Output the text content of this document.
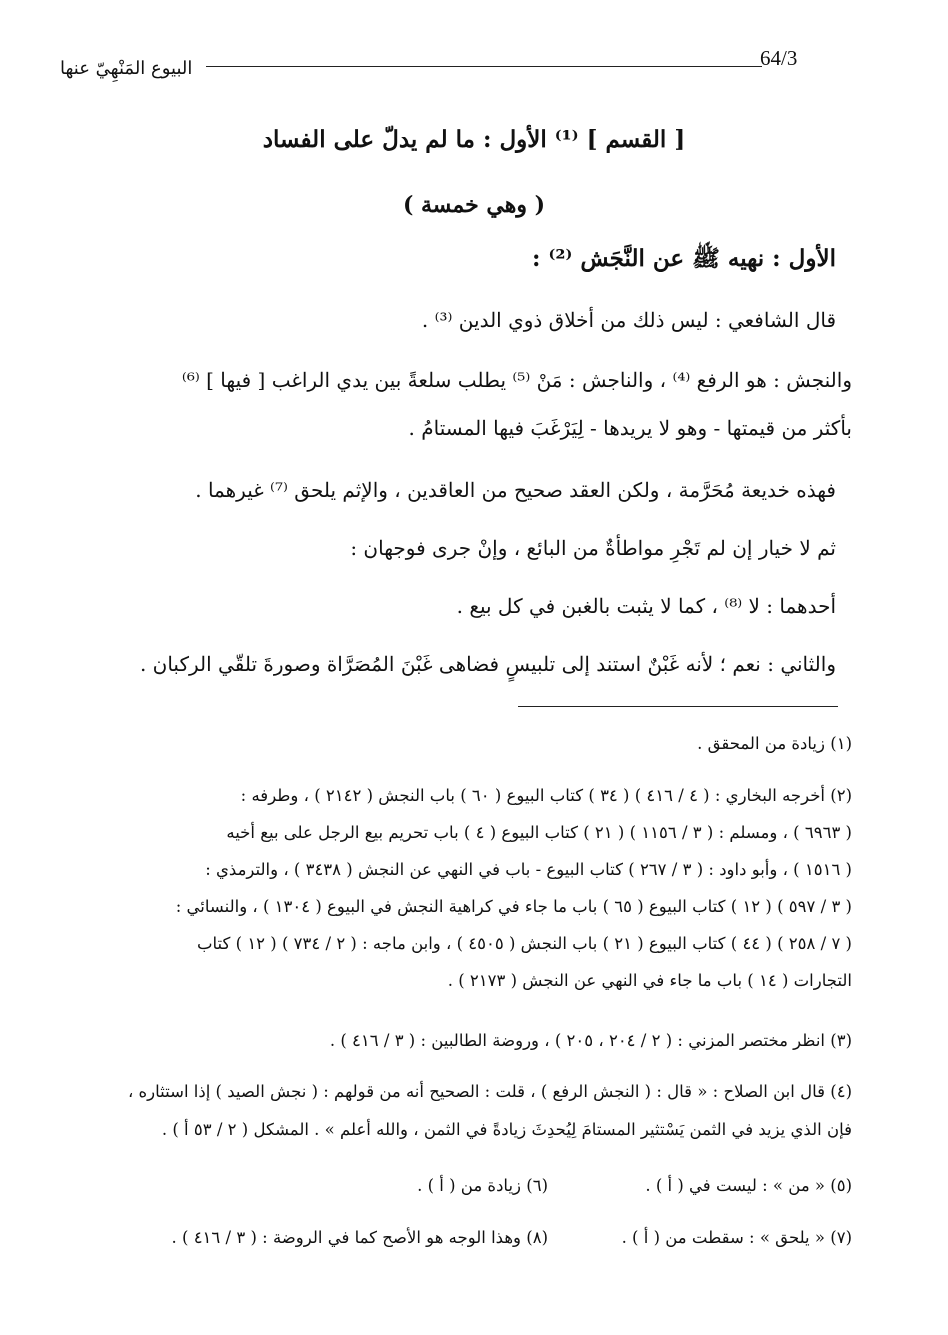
64/3
البيوع المَنْهِيّ عنها
[ القسم ] ⁽¹⁾ الأول : ما لم يدلّ على الفساد
( وهي خمسة )
الأول : نهيه ﷺ عن النَّجَش ⁽²⁾ :
قال الشافعي : ليس ذلك من أخلاق ذوي الدين ⁽³⁾ .
والنجش : هو الرفع ⁽⁴⁾ ، والناجش : مَنْ ⁽⁵⁾ يطلب سلعةً بين يدي الراغب [ فيها ] ⁽⁶⁾
بأكثر من قيمتها - وهو لا يريدها - لِيَرْغَبَ فيها المستامُ .
فهذه خديعة مُحَرَّمة ، ولكن العقد صحيح من العاقدين ، والإثم يلحق ⁽⁷⁾ غيرهما .
ثم لا خيار إن لم تَجْرِ مواطأةٌ من البائع ، وإنْ جرى فوجهان :
أحدهما : لا ⁽⁸⁾ ، كما لا يثبت بالغبن في كل بيع .
والثاني : نعم ؛ لأنه غَبْنٌ استند إلى تلبيسٍ فضاهى غَبْنَ المُصَرَّاة وصورةَ تلقّي الركبان .
(١) زيادة من المحقق .
(٢) أخرجه البخاري : ( ٤ / ٤١٦ ) ( ٣٤ ) كتاب البيوع ( ٦٠ ) باب النجش ( ٢١٤٢ ) ، وطرفه :
( ٦٩٦٣ ) ، ومسلم : ( ٣ / ١١٥٦ ) ( ٢١ ) كتاب البيوع ( ٤ ) باب تحريم بيع الرجل على بيع أخيه
( ١٥١٦ ) ، وأبو داود : ( ٣ / ٢٦٧ ) كتاب البيوع - باب في النهي عن النجش ( ٣٤٣٨ ) ، والترمذي :
( ٣ / ٥٩٧ ) ( ١٢ ) كتاب البيوع ( ٦٥ ) باب ما جاء في كراهية النجش في البيوع ( ١٣٠٤ ) ، والنسائي :
( ٧ / ٢٥٨ ) ( ٤٤ ) كتاب البيوع ( ٢١ ) باب النجش ( ٤٥٠٥ ) ، وابن ماجه : ( ٢ / ٧٣٤ ) ( ١٢ ) كتاب
التجارات ( ١٤ ) باب ما جاء في النهي عن النجش ( ٢١٧٣ ) .
(٣) انظر مختصر المزني : ( ٢ / ٢٠٤ ، ٢٠٥ ) ، وروضة الطالبين : ( ٣ / ٤١٦ ) .
(٤) قال ابن الصلاح : « قال : ( النجش الرفع ) ، قلت : الصحيح أنه من قولهم : ( نجش الصيد ) إذا استثاره ،
فإن الذي يزيد في الثمن يَسْتثير المستامَ لِيُحدِثَ زيادةً في الثمن ، والله أعلم » . المشكل ( ٢ / ٥٣ أ ) .
(٥) « من » : ليست في ( أ ) .
(٦) زيادة من ( أ ) .
(٧) « يلحق » : سقطت من ( أ ) .
(٨) وهذا الوجه هو الأصح كما في الروضة : ( ٣ / ٤١٦ ) .
